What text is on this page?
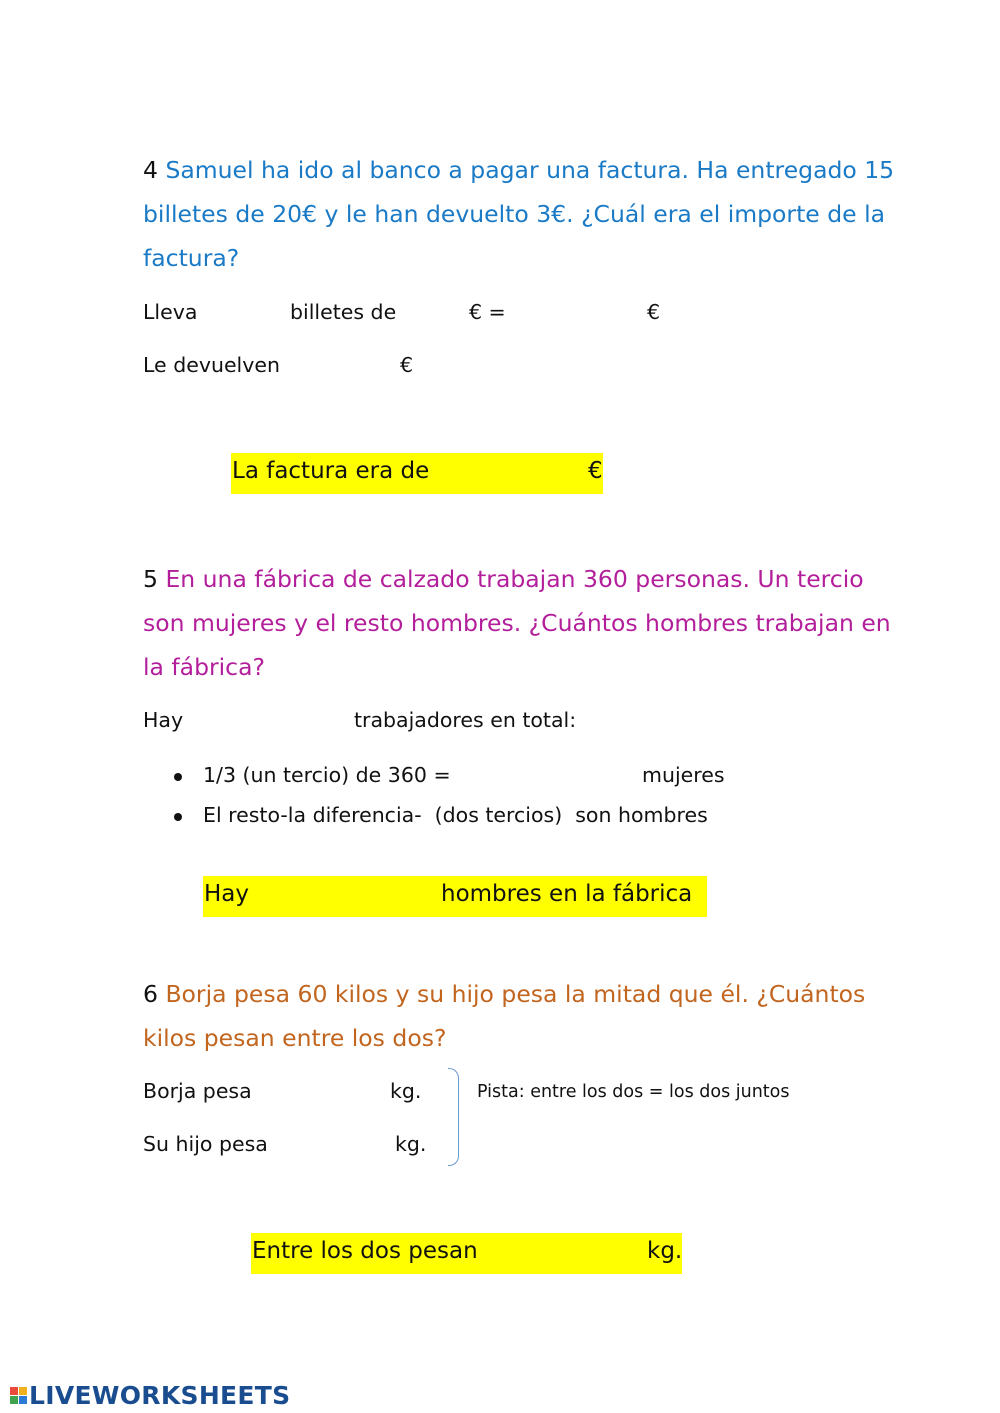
4 Samuel ha ido al banco a pagar una factura. Ha entregado 15
billetes de 20€ y le han devuelto 3€. ¿Cuál era el importe de la
factura?
Lleva	billetes de	€ =	€
Le devuelven	€
La factura era de	€
5 En una fábrica de calzado trabajan 360 personas. Un tercio
son mujeres y el resto hombres. ¿Cuántos hombres trabajan en
la fábrica?
Hay	trabajadores en total:
1/3 (un tercio) de 360 =	mujeres
El resto-la diferencia-  (dos tercios)  son hombres
Hay	hombres en la fábrica
6 Borja pesa 60 kilos y su hijo pesa la mitad que él. ¿Cuántos
kilos pesan entre los dos?
Borja pesa	kg.
Su hijo pesa	kg.
Pista: entre los dos = los dos juntos
Entre los dos pesan	kg.
LIVEWORKSHEETS
